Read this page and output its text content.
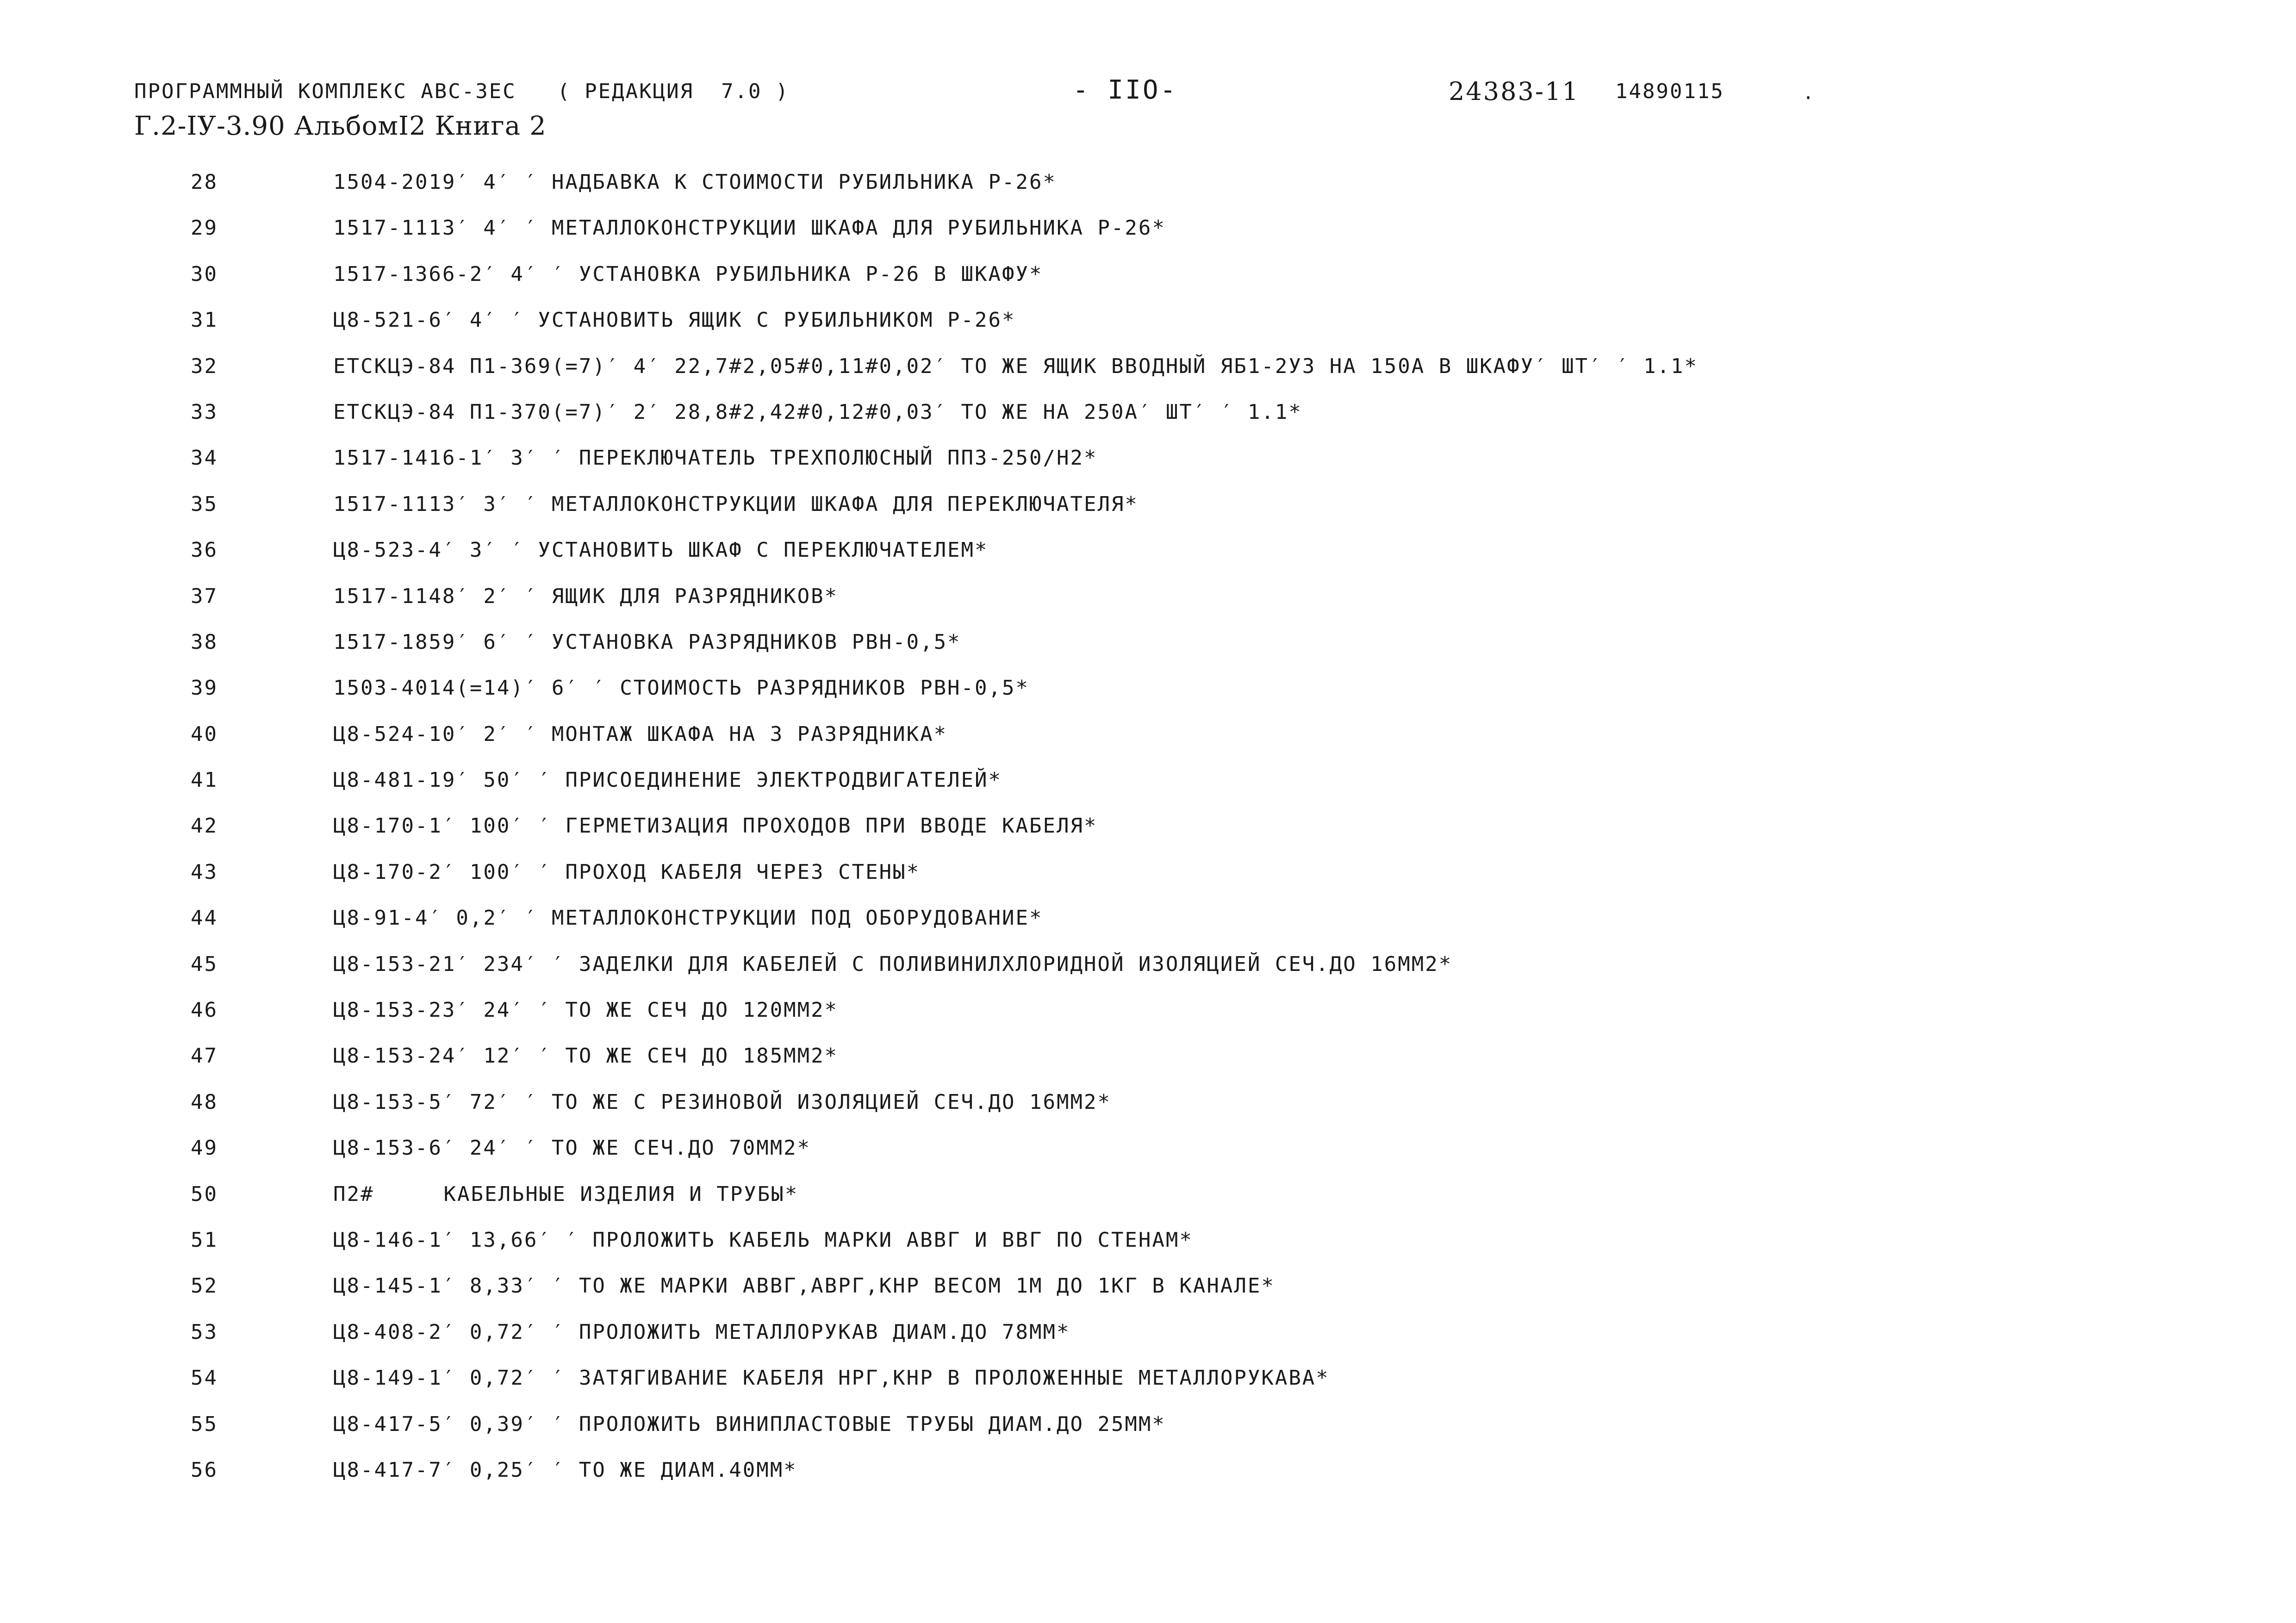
ПРОГРАММНЫЙ КОМПЛЕКС АВС-3ЕС   ( РЕДАКЦИЯ  7.0 )	- IIO-	24383-11 14890115	.
Г.2-IУ-3.90 АльбомI2 Книга 2
28	1504-2019′ 4′ ′ НАДБАВКА К СТОИМОСТИ РУБИЛЬНИКА Р-26*
29	1517-1113′ 4′ ′ МЕТАЛЛОКОНСТРУКЦИИ ШКАФА ДЛЯ РУБИЛЬНИКА Р-26*
30	1517-1366-2′ 4′ ′ УСТАНОВКА РУБИЛЬНИКА Р-26 В ШКАФУ*
31	Ц8-521-6′ 4′ ′ УСТАНОВИТЬ ЯЩИК С РУБИЛЬНИКОМ Р-26*
32	ЕТСКЦЭ-84 П1-369(=7)′ 4′ 22,7#2,05#0,11#0,02′ ТО ЖЕ ЯЩИК ВВОДНЫЙ ЯБ1-2УЗ НА 150А В ШКАФУ′ ШТ′ ′ 1.1*
33	ЕТСКЦЭ-84 П1-370(=7)′ 2′ 28,8#2,42#0,12#0,03′ ТО ЖЕ НА 250А′ ШТ′ ′ 1.1*
34	1517-1416-1′ 3′ ′ ПЕРЕКЛЮЧАТЕЛЬ ТРЕХПОЛЮСНЫЙ ПП3-250/Н2*
35	1517-1113′ 3′ ′ МЕТАЛЛОКОНСТРУКЦИИ ШКАФА ДЛЯ ПЕРЕКЛЮЧАТЕЛЯ*
36	Ц8-523-4′ 3′ ′ УСТАНОВИТЬ ШКАФ С ПЕРЕКЛЮЧАТЕЛЕМ*
37	1517-1148′ 2′ ′ ЯЩИК ДЛЯ РАЗРЯДНИКОВ*
38	1517-1859′ 6′ ′ УСТАНОВКА РАЗРЯДНИКОВ РВН-0,5*
39	1503-4014(=14)′ 6′ ′ СТОИМОСТЬ РАЗРЯДНИКОВ РВН-0,5*
40	Ц8-524-10′ 2′ ′ МОНТАЖ ШКАФА НА 3 РАЗРЯДНИКА*
41	Ц8-481-19′ 50′ ′ ПРИСОЕДИНЕНИЕ ЭЛЕКТРОДВИГАТЕЛЕЙ*
42	Ц8-170-1′ 100′ ′ ГЕРМЕТИЗАЦИЯ ПРОХОДОВ ПРИ ВВОДЕ КАБЕЛЯ*
43	Ц8-170-2′ 100′ ′ ПРОХОД КАБЕЛЯ ЧЕРЕЗ СТЕНЫ*
44	Ц8-91-4′ 0,2′ ′ МЕТАЛЛОКОНСТРУКЦИИ ПОД ОБОРУДОВАНИЕ*
45	Ц8-153-21′ 234′ ′ ЗАДЕЛКИ ДЛЯ КАБЕЛЕЙ С ПОЛИВИНИЛХЛОРИДНОЙ ИЗОЛЯЦИЕЙ СЕЧ.ДО 16ММ2*
46	Ц8-153-23′ 24′ ′ ТО ЖЕ СЕЧ ДО 120ММ2*
47	Ц8-153-24′ 12′ ′ ТО ЖЕ СЕЧ ДО 185ММ2*
48	Ц8-153-5′ 72′ ′ ТО ЖЕ С РЕЗИНОВОЙ ИЗОЛЯЦИЕЙ СЕЧ.ДО 16ММ2*
49	Ц8-153-6′ 24′ ′ ТО ЖЕ СЕЧ.ДО 70ММ2*
50	П2#	КАБЕЛЬНЫЕ ИЗДЕЛИЯ И ТРУБЫ*
51	Ц8-146-1′ 13,66′ ′ ПРОЛОЖИТЬ КАБЕЛЬ МАРКИ АВВГ И ВВГ ПО СТЕНАМ*
52	Ц8-145-1′ 8,33′ ′ ТО ЖЕ МАРКИ АВВГ,АВРГ,КНР ВЕСОМ 1М ДО 1КГ В КАНАЛЕ*
53	Ц8-408-2′ 0,72′ ′ ПРОЛОЖИТЬ МЕТАЛЛОРУКАВ ДИАМ.ДО 78ММ*
54	Ц8-149-1′ 0,72′ ′ ЗАТЯГИВАНИЕ КАБЕЛЯ НРГ,КНР В ПРОЛОЖЕННЫЕ МЕТАЛЛОРУКАВА*
55	Ц8-417-5′ 0,39′ ′ ПРОЛОЖИТЬ ВИНИПЛАСТОВЫЕ ТРУБЫ ДИАМ.ДО 25ММ*
56	Ц8-417-7′ 0,25′ ′ ТО ЖЕ ДИАМ.40ММ*
